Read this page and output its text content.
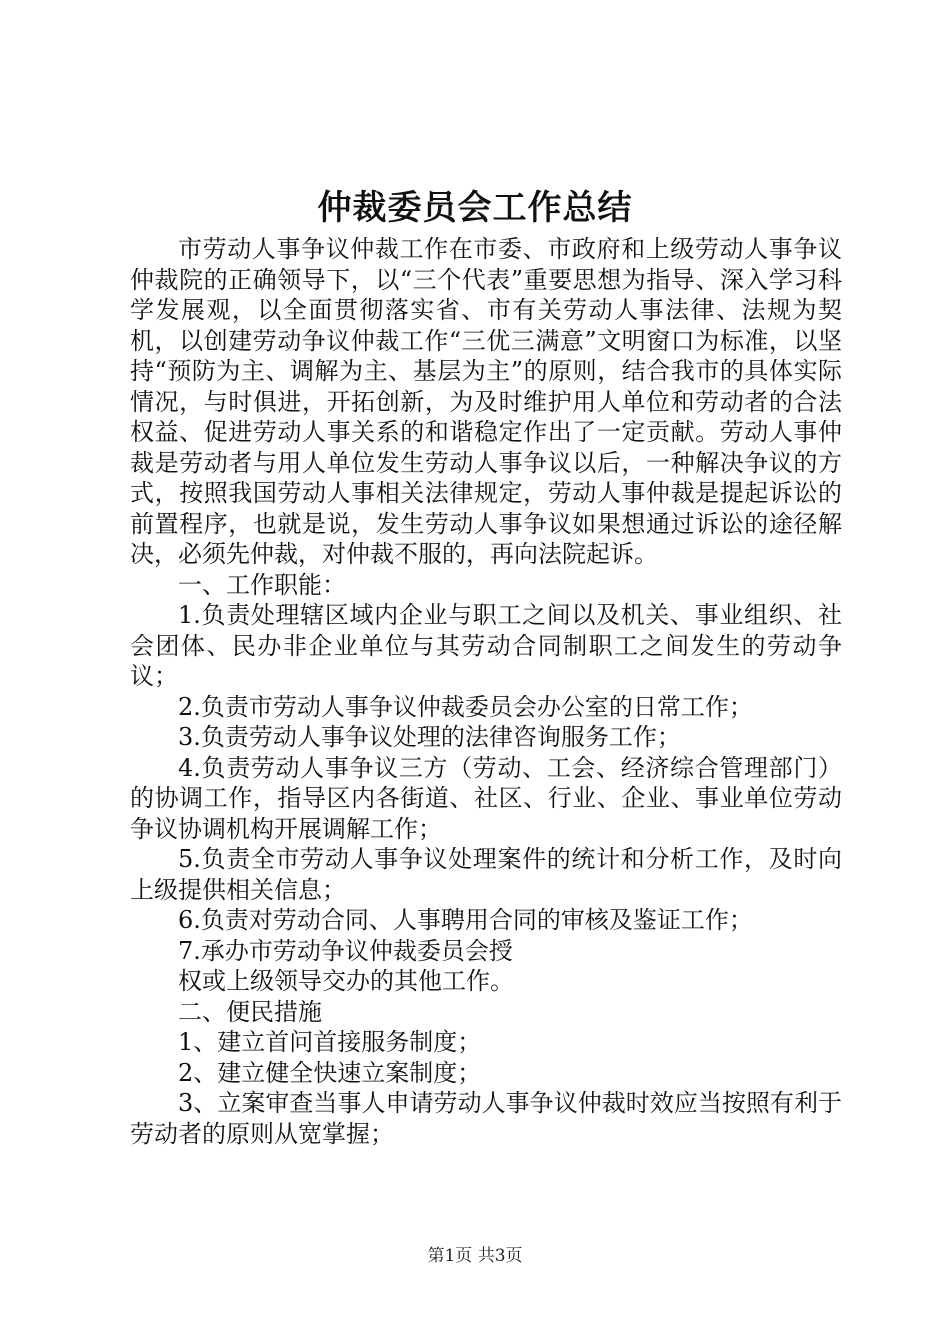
仲裁委员会工作总结

市劳动人事争议仲裁工作在市委、市政府和上级劳动人事争议仲裁院的正确领导下，以“三个代表”重要思想为指导、深入学习科学发展观，以全面贯彻落实省、市有关劳动人事法律、法规为契机，以创建劳动争议仲裁工作“三优三满意”文明窗口为标准，以坚持“预防为主、调解为主、基层为主”的原则，结合我市的具体实际情况，与时俱进，开拓创新，为及时维护用人单位和劳动者的合法权益、促进劳动人事关系的和谐稳定作出了一定贡献。劳动人事仲裁是劳动者与用人单位发生劳动人事争议以后，一种解决争议的方式，按照我国劳动人事相关法律规定，劳动人事仲裁是提起诉讼的前置程序，也就是说，发生劳动人事争议如果想通过诉讼的途径解决，必须先仲裁，对仲裁不服的，再向法院起诉。

一、工作职能：

1.负责处理辖区域内企业与职工之间以及机关、事业组织、社会团体、民办非企业单位与其劳动合同制职工之间发生的劳动争议；

2.负责市劳动人事争议仲裁委员会办公室的日常工作；

3.负责劳动人事争议处理的法律咨询服务工作；

4.负责劳动人事争议三方（劳动、工会、经济综合管理部门）的协调工作，指导区内各街道、社区、行业、企业、事业单位劳动争议协调机构开展调解工作；

5.负责全市劳动人事争议处理案件的统计和分析工作，及时向上级提供相关信息；

6.负责对劳动合同、人事聘用合同的审核及鉴证工作；

7.承办市劳动争议仲裁委员会授

权或上级领导交办的其他工作。

二、便民措施

1、建立首问首接服务制度；

2、建立健全快速立案制度；

3、立案审查当事人申请劳动人事争议仲裁时效应当按照有利于劳动者的原则从宽掌握；

第1页 共3页
